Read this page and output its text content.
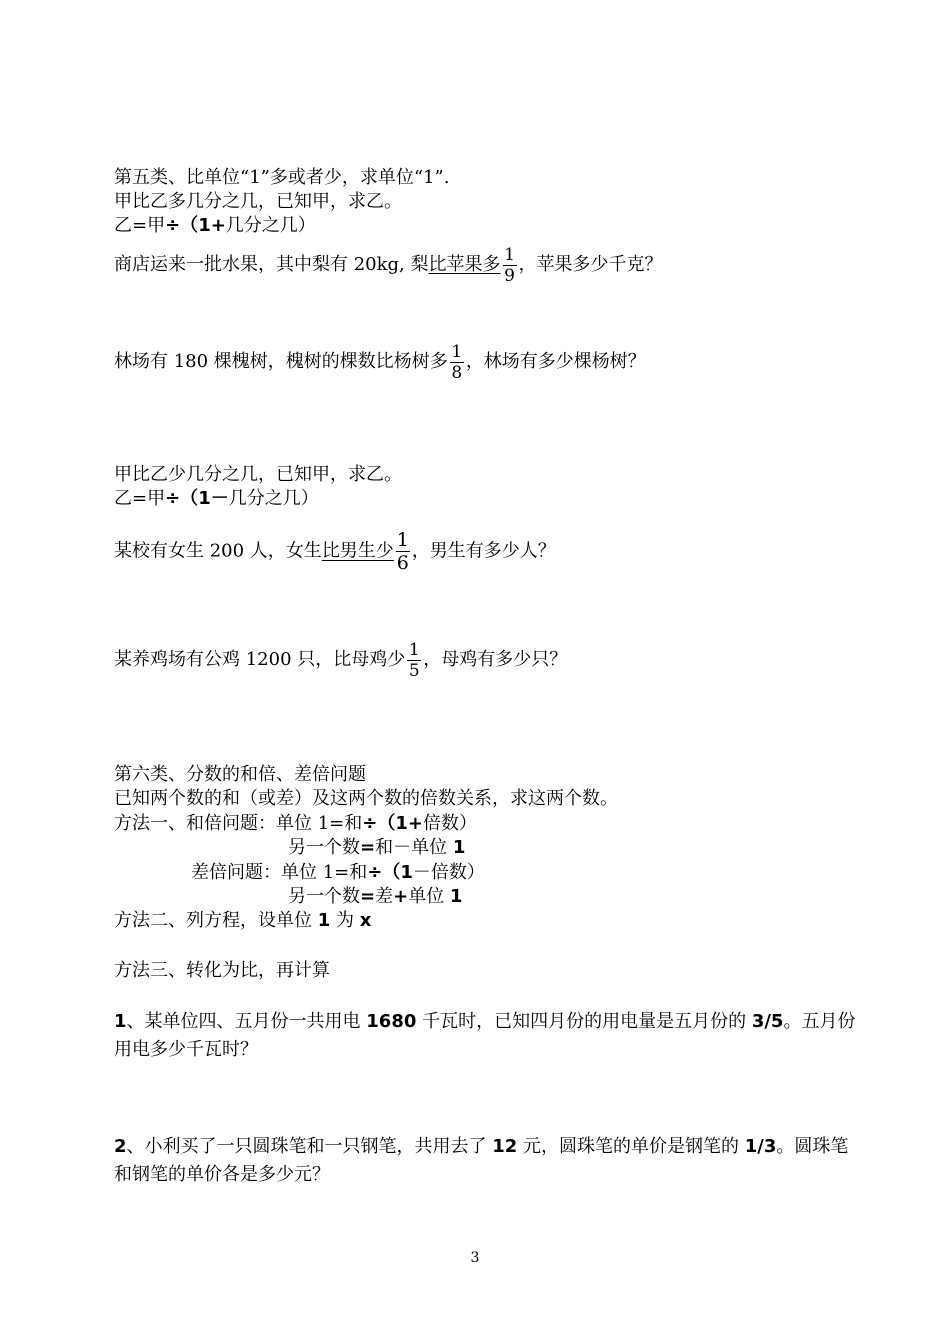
第五类、比单位“1”多或者少，求单位“1”.
甲比乙多几分之几，已知甲，求乙。
乙=甲÷（1+几分之几）
商店运来一批水果，其中梨有 20kg, 梨比苹果多 $\frac{1}{9}$ ，苹果多少千克？
林场有 180 棵槐树，槐树的棵数比杨树多 $\frac{1}{8}$ ，林场有多少棵杨树？
甲比乙少几分之几，已知甲，求乙。
乙=甲÷（1－几分之几）
某校有女生 200 人，女生比男生少 $\frac{1}{6}$ ，男生有多少人？
某养鸡场有公鸡 1200 只，比母鸡少 $\frac{1}{5}$ ，母鸡有多少只？
第六类、分数的和倍、差倍问题
已知两个数的和（或差）及这两个数的倍数关系，求这两个数。
方法一、和倍问题：单位 1=和÷（1+倍数）
另一个数=和－单位 1
差倍问题：单位 1=和÷（1－倍数）
另一个数=差+单位 1
方法二、列方程，设单位 1 为 x
方法三、转化为比，再计算
1、某单位四、五月份一共用电 1680 千瓦时，已知四月份的用电量是五月份的 3/5。五月份用电多少千瓦时？
2、小利买了一只圆珠笔和一只钢笔，共用去了 12 元，圆珠笔的单价是钢笔的 1/3。圆珠笔和钢笔的单价各是多少元？
3
